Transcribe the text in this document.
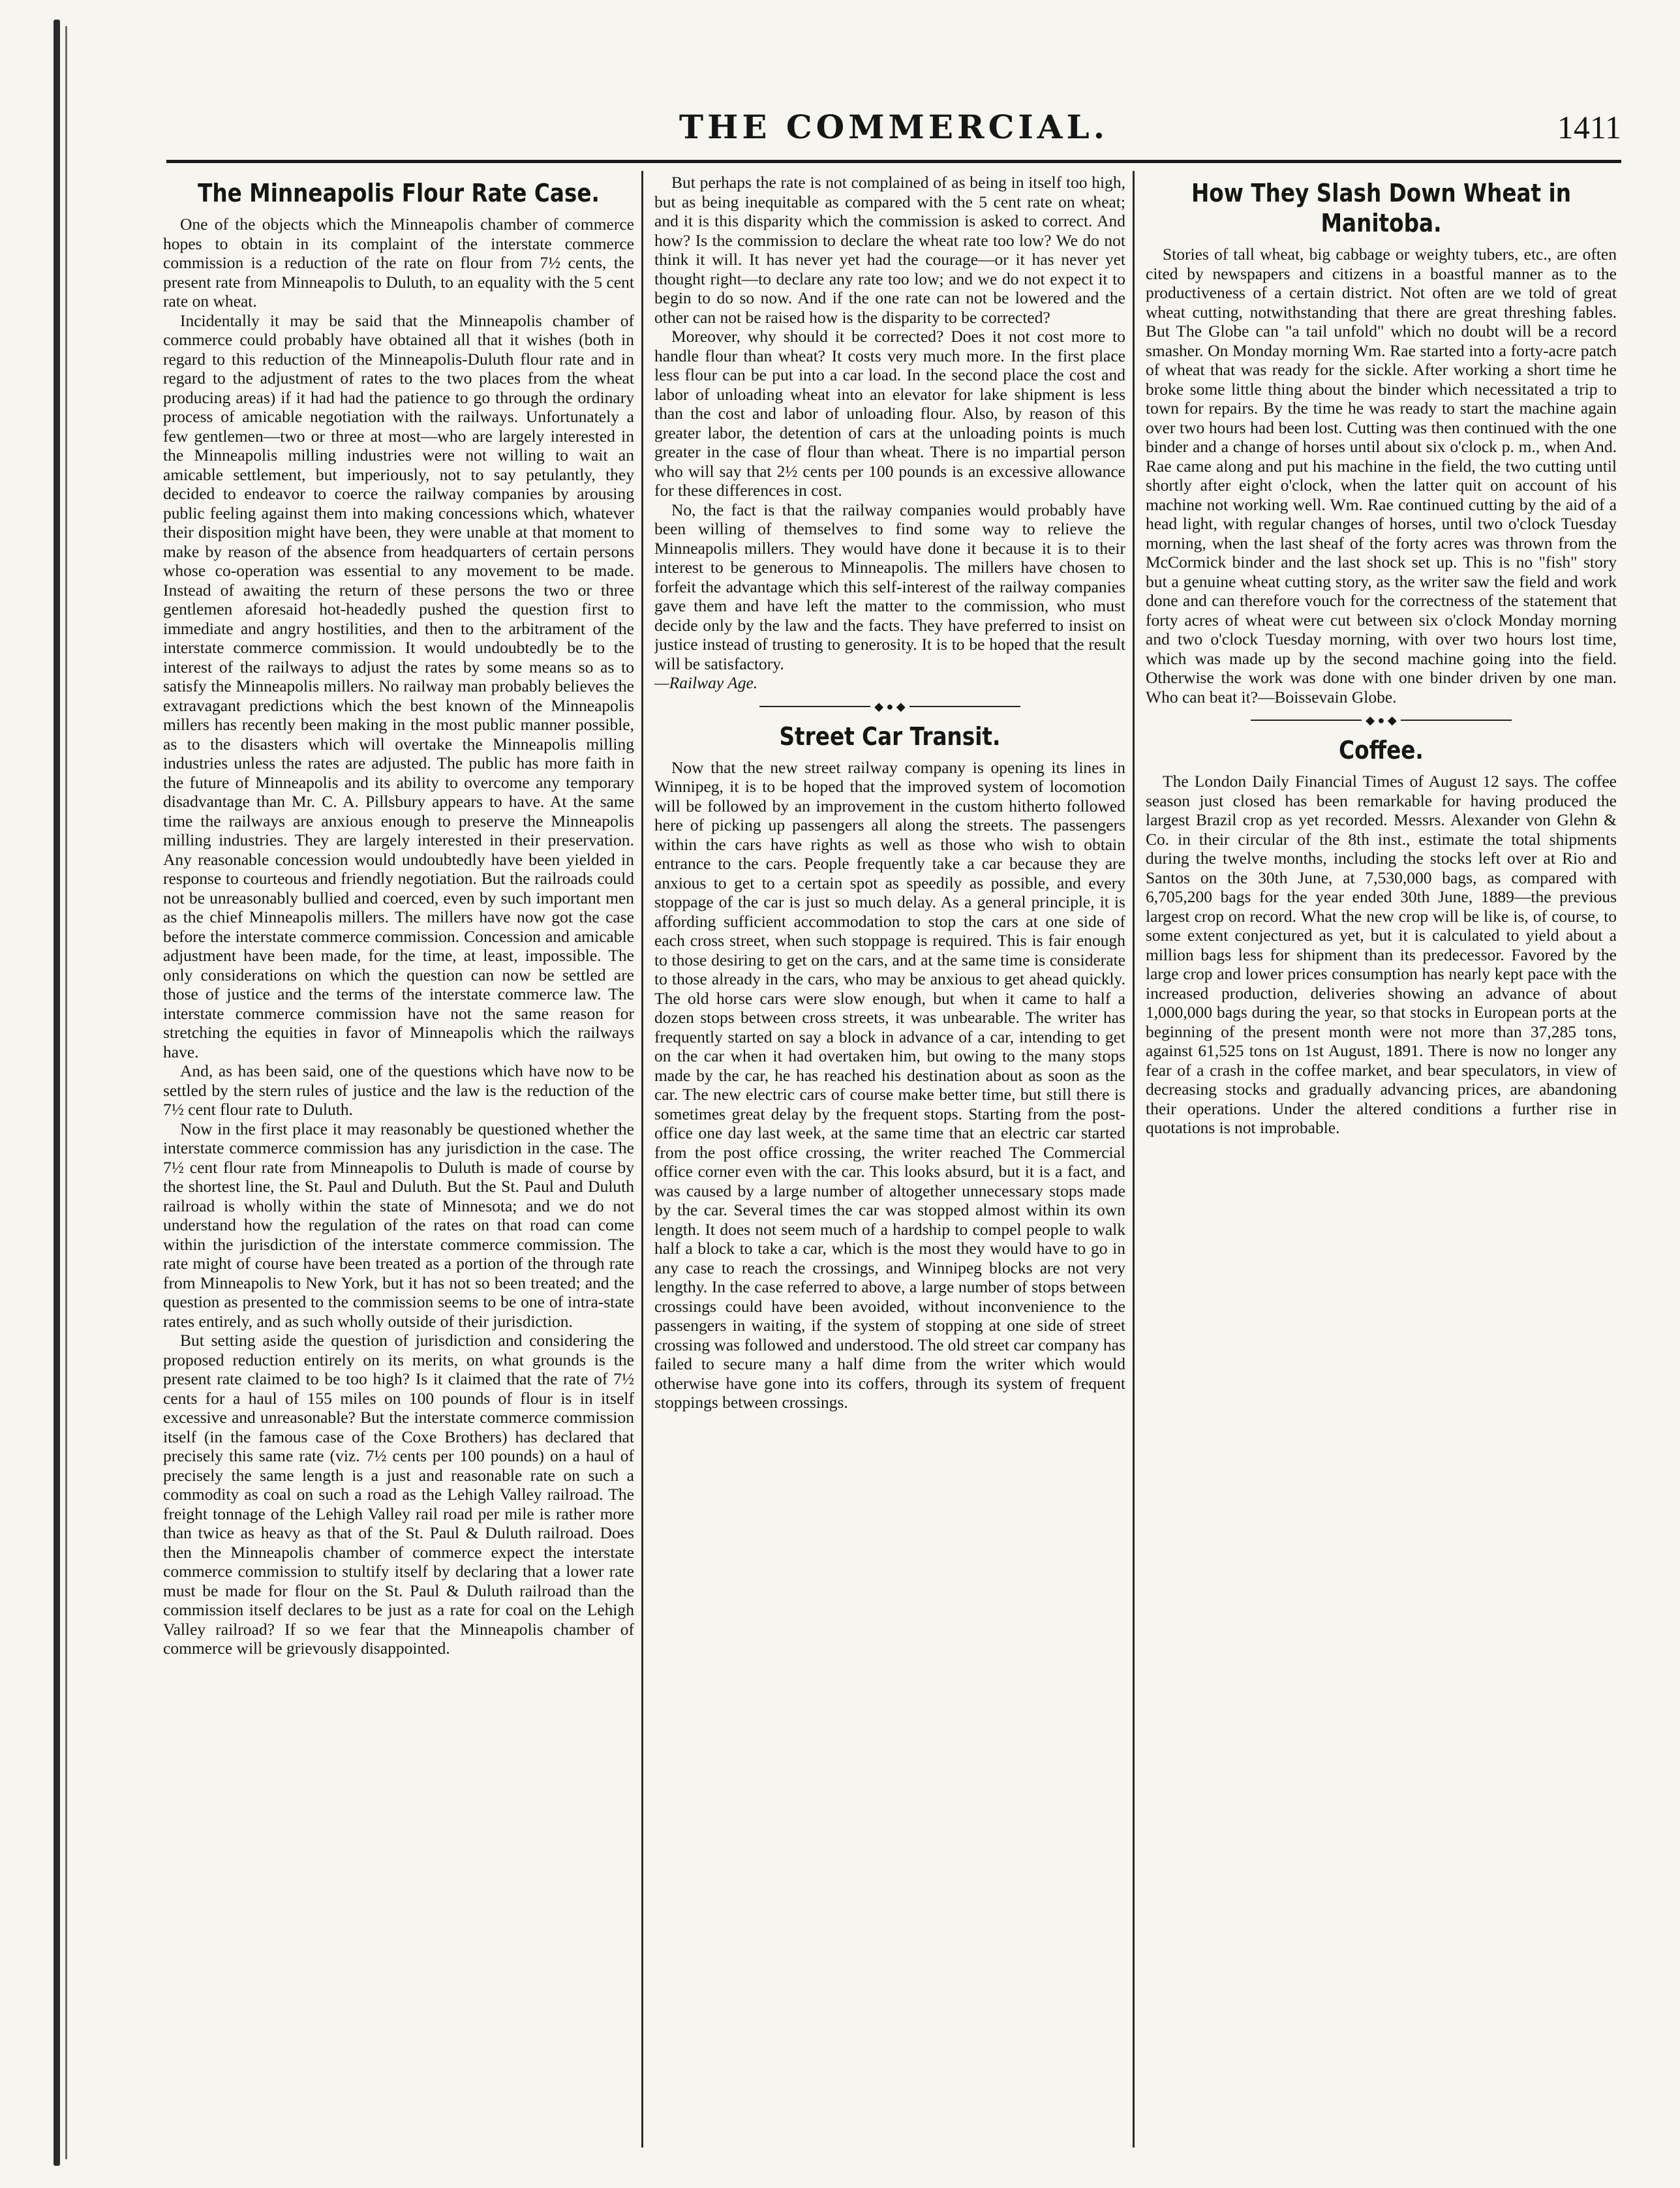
THE COMMERCIAL.	1411
The Minneapolis Flour Rate Case.

One of the objects which the Minneapolis chamber of commerce hopes to obtain in its complaint of the interstate commerce commission is a reduction of the rate on flour from 7½ cents, the present rate from Minneapolis to Duluth, to an equality with the 5 cent rate on wheat.

Incidentally it may be said that the Minneapolis chamber of commerce could probably have obtained all that it wishes (both in regard to this reduction of the Minneapolis-Duluth flour rate and in regard to the adjustment of rates to the two places from the wheat producing areas) if it had had the patience to go through the ordinary process of amicable negotiation with the railways. Unfortunately a few gentlemen—two or three at most—who are largely interested in the Minneapolis milling industries were not willing to wait an amicable settlement, but imperiously, not to say petulantly, they decided to endeavor to coerce the railway companies by arousing public feeling against them into making concessions which, whatever their disposition might have been, they were unable at that moment to make by reason of the absence from headquarters of certain persons whose co-operation was essential to any movement to be made. Instead of awaiting the return of these persons the two or three gentlemen aforesaid hot-headedly pushed the question first to immediate and angry hostilities, and then to the arbitrament of the interstate commerce commission. It would undoubtedly be to the interest of the railways to adjust the rates by some means so as to satisfy the Minneapolis millers. No railway man probably believes the extravagant predictions which the best known of the Minneapolis millers has recently been making in the most public manner possible, as to the disasters which will overtake the Minneapolis milling industries unless the rates are adjusted. The public has more faith in the future of Minneapolis and its ability to overcome any temporary disadvantage than Mr. C. A. Pillsbury appears to have. At the same time the railways are anxious enough to preserve the Minneapolis milling industries. They are largely interested in their preservation. Any reasonable concession would undoubtedly have been yielded in response to courteous and friendly negotiation. But the railroads could not be unreasonably bullied and coerced, even by such important men as the chief Minneapolis millers. The millers have now got the case before the interstate commerce commission. Concession and amicable adjustment have been made, for the time, at least, impossible. The only considerations on which the question can now be settled are those of justice and the terms of the interstate commerce law. The interstate commerce commission have not the same reason for stretching the equities in favor of Minneapolis which the railways have.

And, as has been said, one of the questions which have now to be settled by the stern rules of justice and the law is the reduction of the 7½ cent flour rate to Duluth.

Now in the first place it may reasonably be questioned whether the interstate commerce commission has any jurisdiction in the case. The 7½ cent flour rate from Minneapolis to Duluth is made of course by the shortest line, the St. Paul and Duluth. But the St. Paul and Duluth railroad is wholly within the state of Minnesota; and we do not understand how the regulation of the rates on that road can come within the jurisdiction of the interstate commerce commission. The rate might of course have been treated as a portion of the through rate from Minneapolis to New York, but it has not so been treated; and the question as presented to the commission seems to be one of intra-state rates entirely, and as such wholly outside of their jurisdiction.

But setting aside the question of jurisdiction and considering the proposed reduction entirely on its merits, on what grounds is the present rate claimed to be too high? Is it claimed that the rate of 7½ cents for a haul of 155 miles on 100 pounds of flour is in itself excessive and unreasonable? But the interstate commerce commission itself (in the famous case of the Coxe Brothers) has declared that precisely this same rate (viz. 7½ cents per 100 pounds) on a haul of precisely the same length is a just and reasonable rate on such a commodity as coal on such a road as the Lehigh Valley railroad. The freight tonnage of the Lehigh Valley rail road per mile is rather more than twice as heavy as that of the St. Paul & Duluth railroad. Does then the Minneapolis chamber of commerce expect the interstate commerce commission to stultify itself by declaring that a lower rate must be made for flour on the St. Paul & Duluth railroad than the commission itself declares to be just as a rate for coal on the Lehigh Valley railroad? If so we fear that the Minneapolis chamber of commerce will be grievously disappointed.

But perhaps the rate is not complained of as being in itself too high, but as being inequitable as compared with the 5 cent rate on wheat; and it is this disparity which the commission is asked to correct. And how? Is the commission to declare the wheat rate too low? We do not think it will. It has never yet had the courage—or it has never yet thought right—to declare any rate too low; and we do not expect it to begin to do so now. And if the one rate can not be lowered and the other can not be raised how is the disparity to be corrected?

Moreover, why should it be corrected? Does it not cost more to handle flour than wheat? It costs very much more. In the first place less flour can be put into a car load. In the second place the cost and labor of unloading wheat into an elevator for lake shipment is less than the cost and labor of unloading flour. Also, by reason of this greater labor, the detention of cars at the unloading points is much greater in the case of flour than wheat. There is no impartial person who will say that 2½ cents per 100 pounds is an excessive allowance for these differences in cost.

No, the fact is that the railway companies would probably have been willing of themselves to find some way to relieve the Minneapolis millers. They would have done it because it is to their interest to be generous to Minneapolis. The millers have chosen to forfeit the advantage which this self-interest of the railway companies gave them and have left the matter to the commission, who must decide only by the law and the facts. They have preferred to insist on justice instead of trusting to generosity. It is to be hoped that the result will be satisfactory.

—Railway Age.

◆ ● ◆
Street Car Transit.

Now that the new street railway company is opening its lines in Winnipeg, it is to be hoped that the improved system of locomotion will be followed by an improvement in the custom hitherto followed here of picking up passengers all along the streets. The passengers within the cars have rights as well as those who wish to obtain entrance to the cars. People frequently take a car because they are anxious to get to a certain spot as speedily as possible, and every stoppage of the car is just so much delay. As a general principle, it is affording sufficient accommodation to stop the cars at one side of each cross street, when such stoppage is required. This is fair enough to those desiring to get on the cars, and at the same time is considerate to those already in the cars, who may be anxious to get ahead quickly. The old horse cars were slow enough, but when it came to half a dozen stops between cross streets, it was unbearable. The writer has frequently started on say a block in advance of a car, intending to get on the car when it had overtaken him, but owing to the many stops made by the car, he has reached his destination about as soon as the car. The new electric cars of course make better time, but still there is sometimes great delay by the frequent stops. Starting from the post-office one day last week, at the same time that an electric car started from the post office crossing, the writer reached The Commercial office corner even with the car. This looks absurd, but it is a fact, and was caused by a large number of altogether unnecessary stops made by the car. Several times the car was stopped almost within its own length. It does not seem much of a hardship to compel people to walk half a block to take a car, which is the most they would have to go in any case to reach the crossings, and Winnipeg blocks are not very lengthy. In the case referred to above, a large number of stops between crossings could have been avoided, without inconvenience to the passengers in waiting, if the system of stopping at one side of street crossing was followed and understood. The old street car company has failed to secure many a half dime from the writer which would otherwise have gone into its coffers, through its system of frequent stoppings between crossings.

How They Slash Down Wheat in Manitoba.

Stories of tall wheat, big cabbage or weighty tubers, etc., are often cited by newspapers and citizens in a boastful manner as to the productiveness of a certain district. Not often are we told of great wheat cutting, notwithstanding that there are great threshing fables. But The Globe can "a tail unfold" which no doubt will be a record smasher. On Monday morning Wm. Rae started into a forty-acre patch of wheat that was ready for the sickle. After working a short time he broke some little thing about the binder which necessitated a trip to town for repairs. By the time he was ready to start the machine again over two hours had been lost. Cutting was then continued with the one binder and a change of horses until about six o'clock p. m., when And. Rae came along and put his machine in the field, the two cutting until shortly after eight o'clock, when the latter quit on account of his machine not working well. Wm. Rae continued cutting by the aid of a head light, with regular changes of horses, until two o'clock Tuesday morning, when the last sheaf of the forty acres was thrown from the McCormick binder and the last shock set up. This is no "fish" story but a genuine wheat cutting story, as the writer saw the field and work done and can therefore vouch for the correctness of the statement that forty acres of wheat were cut between six o'clock Monday morning and two o'clock Tuesday morning, with over two hours lost time, which was made up by the second machine going into the field. Otherwise the work was done with one binder driven by one man. Who can beat it?—Boissevain Globe.

◆ ● ◆
Coffee.

The London Daily Financial Times of August 12 says. The coffee season just closed has been remarkable for having produced the largest Brazil crop as yet recorded. Messrs. Alexander von Glehn & Co. in their circular of the 8th inst., estimate the total shipments during the twelve months, including the stocks left over at Rio and Santos on the 30th June, at 7,530,000 bags, as compared with 6,705,200 bags for the year ended 30th June, 1889—the previous largest crop on record. What the new crop will be like is, of course, to some extent conjectured as yet, but it is calculated to yield about a million bags less for shipment than its predecessor. Favored by the large crop and lower prices consumption has nearly kept pace with the increased production, deliveries showing an advance of about 1,000,000 bags during the year, so that stocks in European ports at the beginning of the present month were not more than 37,285 tons, against 61,525 tons on 1st August, 1891. There is now no longer any fear of a crash in the coffee market, and bear speculators, in view of decreasing stocks and gradually advancing prices, are abandoning their operations. Under the altered conditions a further rise in quotations is not improbable.
